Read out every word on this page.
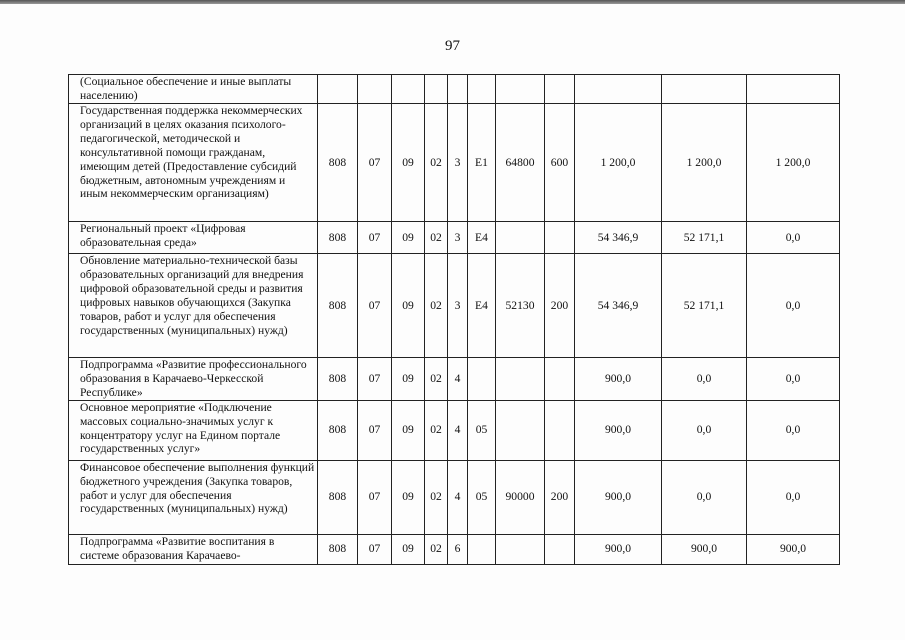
97
(Социальное обеспечение и иные выплаты населению)											
Государственная поддержка некоммерческих организаций в целях оказания психолого-педагогической, методической и консультативной помощи гражданам, имеющим детей (Предоставление субсидий бюджетным, автономным учреждениям и иным некоммерческим организациям)	808	07	09	02	3	E1	64800	600	1 200,0	1 200,0	1 200,0
Региональный проект «Цифровая образовательная среда»	808	07	09	02	3	E4			54 346,9	52 171,1	0,0
Обновление материально-технической базы образовательных организаций для внедрения цифровой образовательной среды и развития цифровых навыков обучающихся (Закупка товаров, работ и услуг для обеспечения государственных (муниципальных) нужд)	808	07	09	02	3	E4	52130	200	54 346,9	52 171,1	0,0
Подпрограмма «Развитие профессионального образования в Карачаево-Черкесской Республике»	808	07	09	02	4				900,0	0,0	0,0
Основное мероприятие «Подключение массовых социально-значимых услуг к концентратору услуг на Едином портале государственных услуг»	808	07	09	02	4	05			900,0	0,0	0,0
Финансовое обеспечение выполнения функций бюджетного учреждения (Закупка товаров, работ и услуг для обеспечения государственных (муниципальных) нужд)	808	07	09	02	4	05	90000	200	900,0	0,0	0,0
Подпрограмма «Развитие воспитания в системе образования Карачаево-	808	07	09	02	6				900,0	900,0	900,0
